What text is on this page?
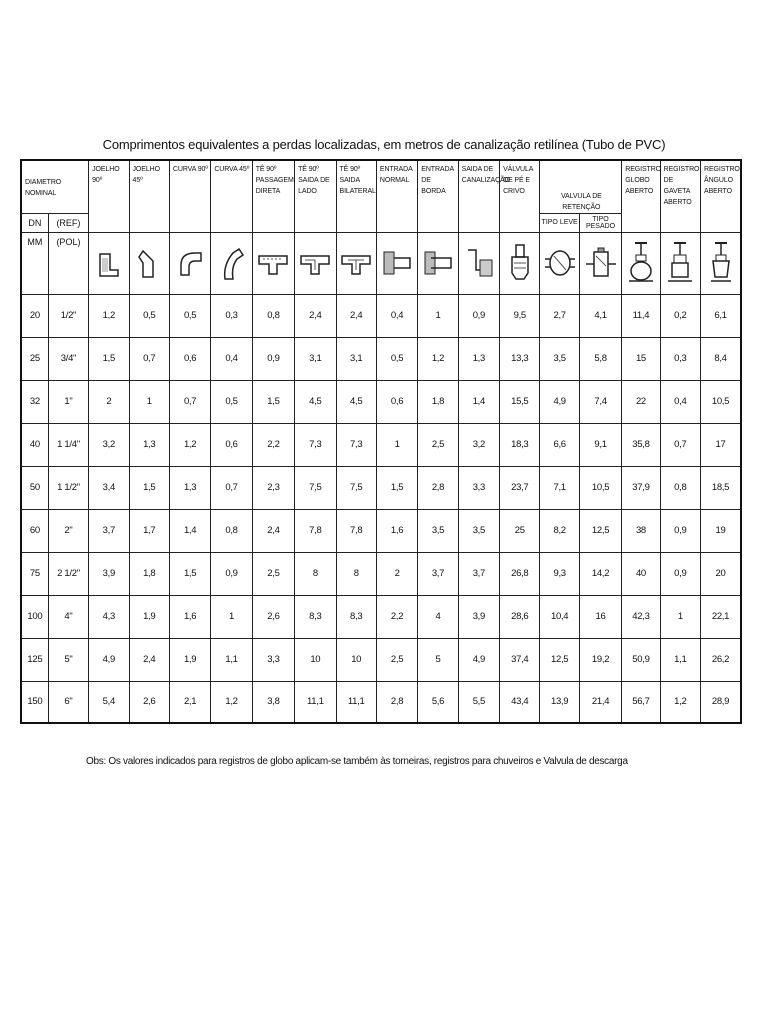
Comprimentos equivalentes a perdas localizadas, em metros de canalização retilínea (Tubo de PVC)
DIAMETRO NOMINAL		JOELHO 90º	JOELHO 45º	CURVA 90º	CURVA 45º	TÊ 90º PASSAGEM DIRETA	TÊ 90º SAIDA DE LADO	TÊ 90º SAIDA BILATERAL	ENTRADA NORMAL	ENTRADA DE BORDA	SAIDA DE CANALIZAÇÃO	VÁLVULA DE PÉ E CRIVO	VALVULA DE RETENÇÃO		REGISTRO GLOBO ABERTO	REGISTRO DE GAVETA ABERTO	REGISTRO ÂNGULO ABERTO
DN	(REF)												TIPO LEVE	TIPO PESADO			
MM	(POL)	

20	1/2"	1,2	0,5	0,5	0,3	0,8	2,4	2,4	0,4	1	0,9	9,5	2,7	4,1	11,4	0,2	6,1
25	3/4"	1,5	0,7	0,6	0,4	0,9	3,1	3,1	0,5	1,2	1,3	13,3	3,5	5,8	15	0,3	8,4
32	1"	2	1	0,7	0,5	1,5	4,5	4,5	0,6	1,8	1,4	15,5	4,9	7,4	22	0,4	10,5
40	1 1/4"	3,2	1,3	1,2	0,6	2,2	7,3	7,3	1	2,5	3,2	18,3	6,6	9,1	35,8	0,7	17
50	1 1/2"	3,4	1,5	1,3	0,7	2,3	7,5	7,5	1,5	2,8	3,3	23,7	7,1	10,5	37,9	0,8	18,5
60	2"	3,7	1,7	1,4	0,8	2,4	7,8	7,8	1,6	3,5	3,5	25	8,2	12,5	38	0,9	19
75	2 1/2"	3,9	1,8	1,5	0,9	2,5	8	8	2	3,7	3,7	26,8	9,3	14,2	40	0,9	20
100	4"	4,3	1,9	1,6	1	2,6	8,3	8,3	2,2	4	3,9	28,6	10,4	16	42,3	1	22,1
125	5"	4,9	2,4	1,9	1,1	3,3	10	10	2,5	5	4,9	37,4	12,5	19,2	50,9	1,1	26,2
150	6"	5,4	2,6	2,1	1,2	3,8	11,1	11,1	2,8	5,6	5,5	43,4	13,9	21,4	56,7	1,2	28,9
Obs: Os valores indicados para registros de globo aplicam-se também às torneiras, registros para chuveiros e Valvula de descarga
